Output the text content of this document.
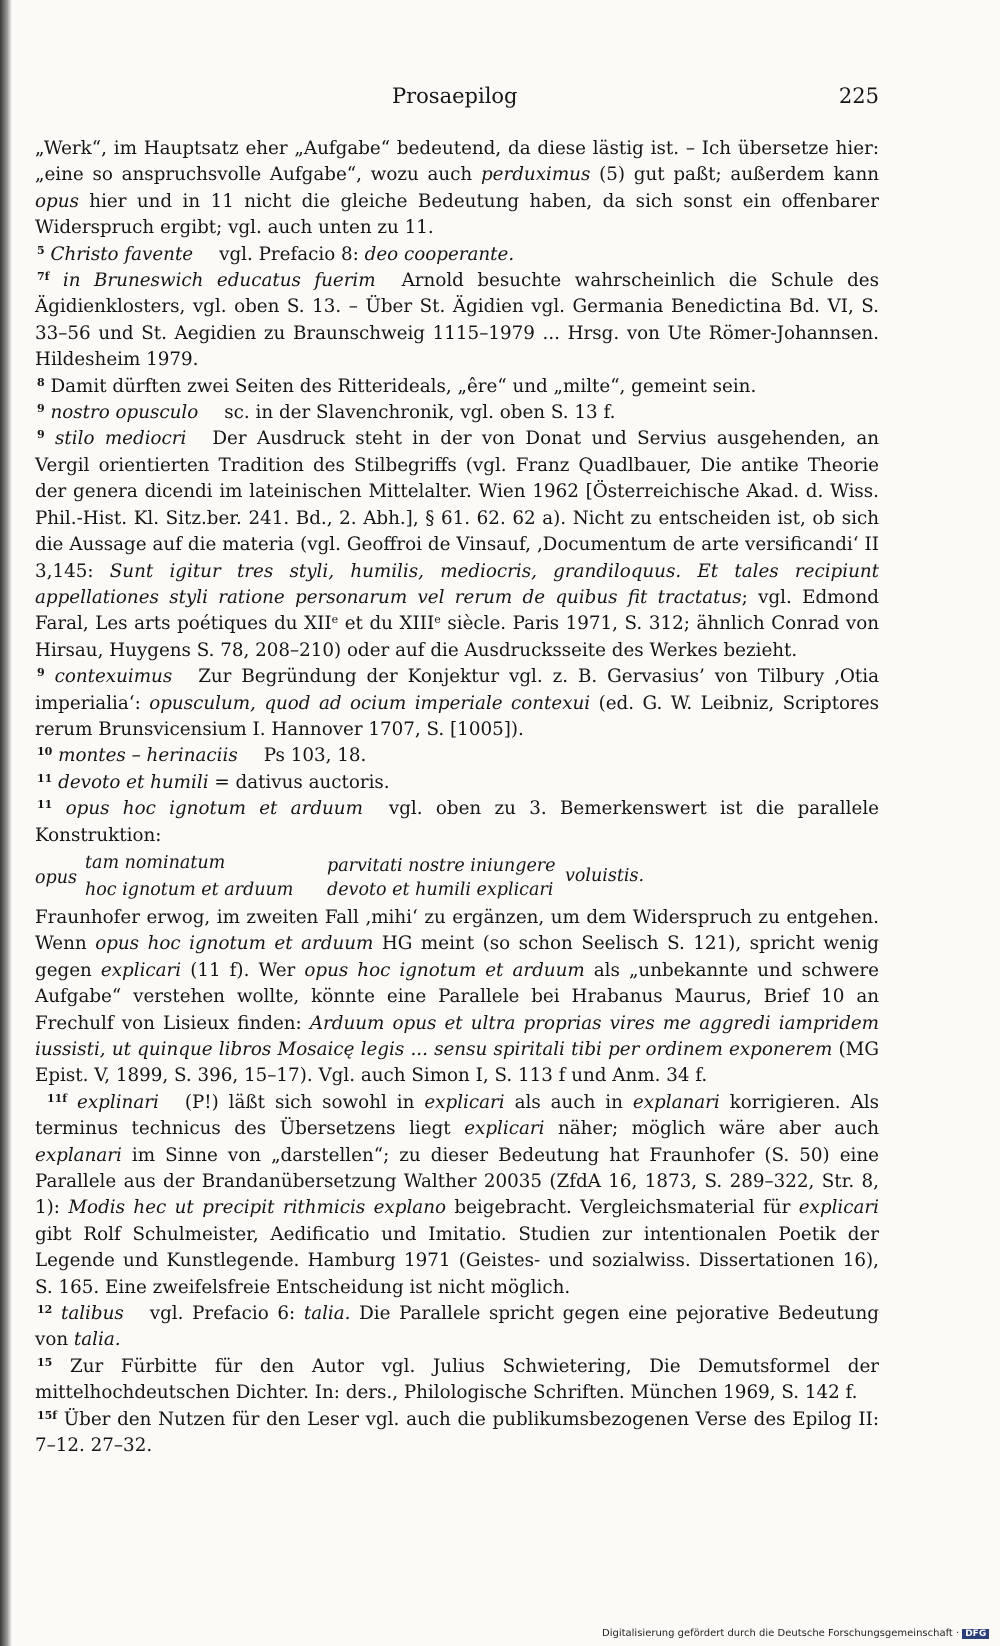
Prosaepilog	225

„Werk“, im Hauptsatz eher „Aufgabe“ bedeutend, da diese lästig ist. – Ich übersetze hier: „eine so anspruchsvolle Aufgabe“, wozu auch perduximus (5) gut paßt; außerdem kann opus hier und in 11 nicht die gleiche Bedeutung haben, da sich sonst ein offenbarer Widerspruch ergibt; vgl. auch unten zu 11.

$^5$ Christo favente vgl. Prefacio 8: deo cooperante.

$^{7f}$ in Bruneswich educatus fuerim Arnold besuchte wahrscheinlich die Schule des Ägidienklosters, vgl. oben S. 13. – Über St. Ägidien vgl. Germania Benedictina Bd. VI, S. 33–56 und St. Aegidien zu Braunschweig 1115–1979 ... Hrsg. von Ute Römer-Johannsen. Hildesheim 1979.

$^8$ Damit dürften zwei Seiten des Ritterideals, „êre“ und „milte“, gemeint sein.

$^9$ nostro opusculo sc. in der Slavenchronik, vgl. oben S. 13 f.

$^9$ stilo mediocri Der Ausdruck steht in der von Donat und Servius ausgehenden, an Vergil orientierten Tradition des Stilbegriffs (vgl. Franz Quadlbauer, Die antike Theorie der genera dicendi im lateinischen Mittelalter. Wien 1962 [Österreichische Akad. d. Wiss. Phil.-Hist. Kl. Sitz.ber. 241. Bd., 2. Abh.], § 61. 62. 62 a). Nicht zu entscheiden ist, ob sich die Aussage auf die materia (vgl. Geoffroi de Vinsauf, ‚Documentum de arte versificandi‘ II 3,145: Sunt igitur tres styli, humilis, mediocris, grandiloquus. Et tales recipiunt appellationes styli ratione personarum vel rerum de quibus fit tractatus; vgl. Edmond Faral, Les arts poétiques du XIIe et du XIIIe siècle. Paris 1971, S. 312; ähnlich Conrad von Hirsau, Huygens S. 78, 208–210) oder auf die Ausdrucksseite des Werkes bezieht.

$^9$ contexuimus Zur Begründung der Konjektur vgl. z. B. Gervasius’ von Tilbury ‚Otia imperialia‘: opusculum, quod ad ocium imperiale contexui (ed. G. W. Leibniz, Scriptores rerum Brunsvicensium I. Hannover 1707, S. [1005]).

$^{10}$ montes – herinaciis Ps 103, 18.

$^{11}$ devoto et humili = dativus auctoris.

$^{11}$ opus hoc ignotum et arduum vgl. oben zu 3. Bemerkenswert ist die parallele Konstruktion:

opus
tam nominatum	parvitati nostre iniungere
hoc ignotum et arduum devoto et humili explicari
voluistis.

Fraunhofer erwog, im zweiten Fall ‚mihi‘ zu ergänzen, um dem Widerspruch zu entgehen. Wenn opus hoc ignotum et arduum HG meint (so schon Seelisch S. 121), spricht wenig gegen explicari (11 f). Wer opus hoc ignotum et arduum als „unbekannte und schwere Aufgabe“ verstehen wollte, könnte eine Parallele bei Hrabanus Maurus, Brief 10 an Frechulf von Lisieux finden: Arduum opus et ultra proprias vires me aggredi iampridem iussisti, ut quinque libros Mosaicę legis ... sensu spiritali tibi per ordinem exponerem (MG Epist. V, 1899, S. 396, 15–17). Vgl. auch Simon I, S. 113 f und Anm. 34 f.

$^{11f}$ explinari (P!) läßt sich sowohl in explicari als auch in explanari korrigieren. Als terminus technicus des Übersetzens liegt explicari näher; möglich wäre aber auch explanari im Sinne von „darstellen“; zu dieser Bedeutung hat Fraunhofer (S. 50) eine Parallele aus der Brandanübersetzung Walther 20035 (ZfdA 16, 1873, S. 289–322, Str. 8, 1): Modis hec ut precipit rithmicis explano beigebracht. Vergleichsmaterial für explicari gibt Rolf Schulmeister, Aedificatio und Imitatio. Studien zur intentionalen Poetik der Legende und Kunstlegende. Hamburg 1971 (Geistes- und sozialwiss. Dissertationen 16), S. 165. Eine zweifelsfreie Entscheidung ist nicht möglich.

$^{12}$ talibus vgl. Prefacio 6: talia. Die Parallele spricht gegen eine pejorative Bedeutung von talia.

$^{15}$ Zur Fürbitte für den Autor vgl. Julius Schwietering, Die Demutsformel der mittelhochdeutschen Dichter. In: ders., Philologische Schriften. München 1969, S. 142 f.

$^{15f}$ Über den Nutzen für den Leser vgl. auch die publikumsbezogenen Verse des Epilog II: 7–12. 27–32.

Digitalisierung gefördert durch die Deutsche Forschungsgemeinschaft · DFG
